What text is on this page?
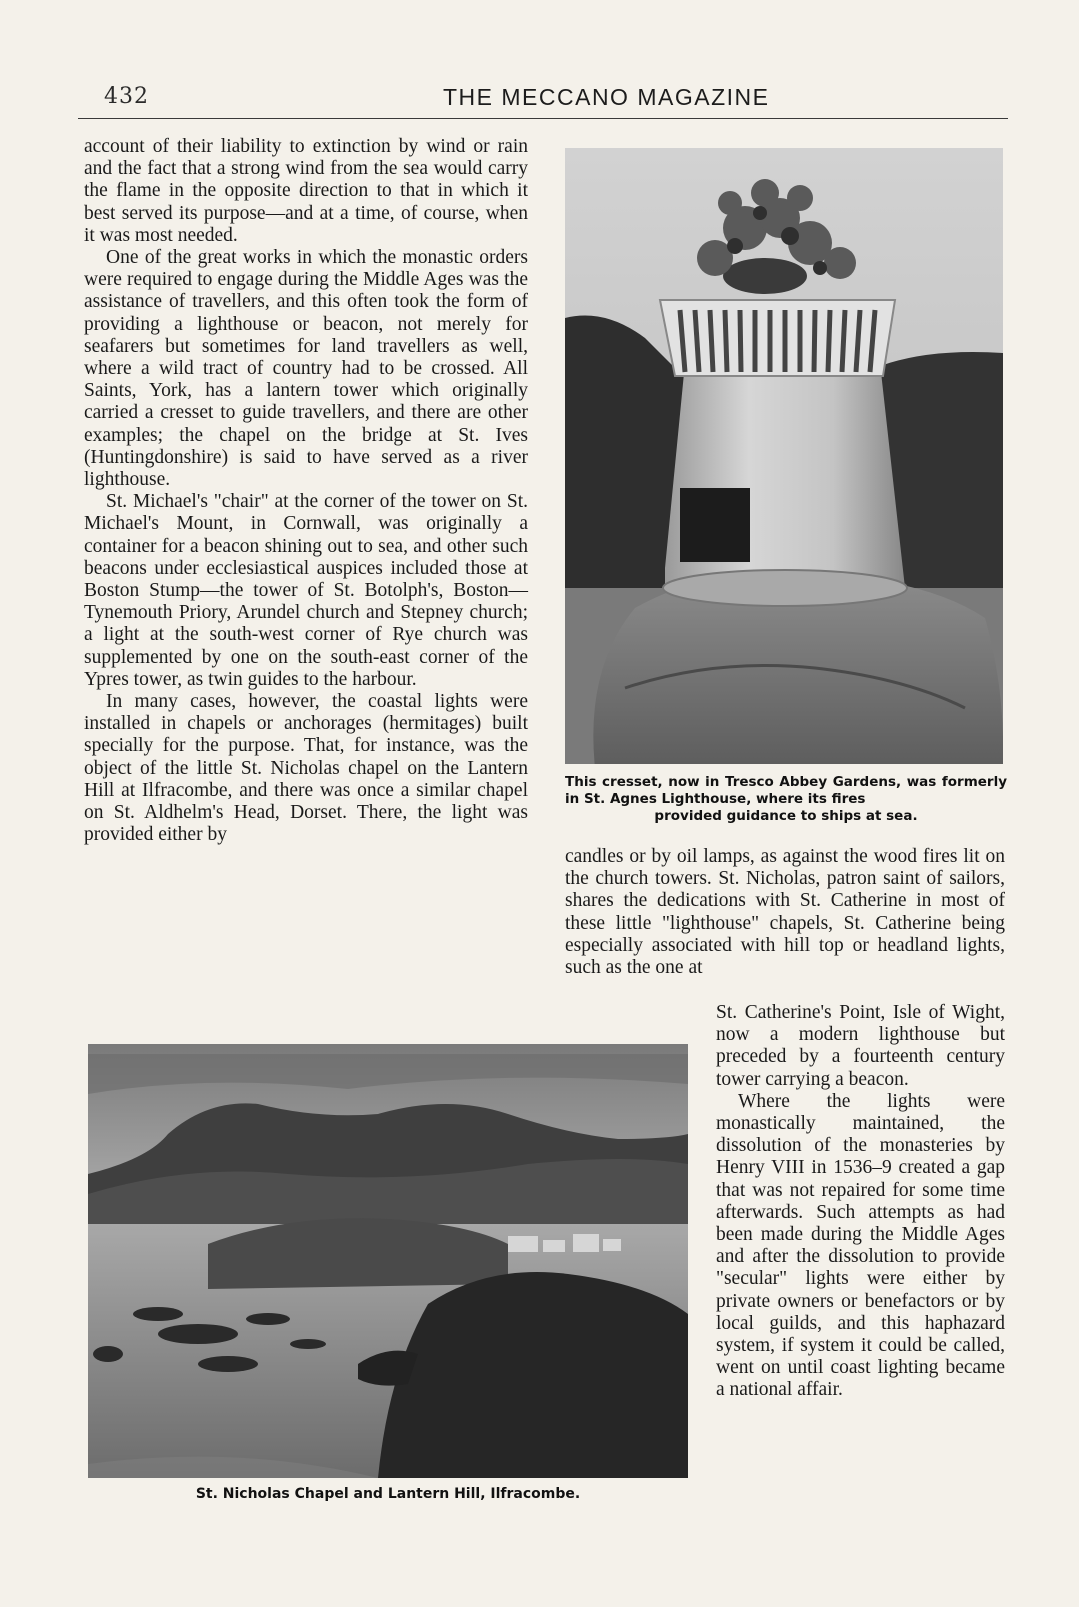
432	THE MECCANO MAGAZINE

account of their liability to extinction by wind or rain and the fact that a strong wind from the sea would carry the flame in the opposite direction to that in which it best served its purpose—and at a time, of course, when it was most needed.

One of the great works in which the monastic orders were required to engage during the Middle Ages was the assistance of travellers, and this often took the form of providing a lighthouse or beacon, not merely for seafarers but sometimes for land travellers as well, where a wild tract of country had to be crossed. All Saints, York, has a lantern tower which originally carried a cresset to guide travellers, and there are other examples; the chapel on the bridge at St. Ives (Huntingdonshire) is said to have served as a river lighthouse.

St. Michael's "chair" at the corner of the tower on St. Michael's Mount, in Cornwall, was originally a container for a beacon shining out to sea, and other such beacons under ecclesiastical auspices included those at Boston Stump—the tower of St. Botolph's, Boston—Tynemouth Priory, Arundel church and Stepney church; a light at the south-west corner of Rye church was supplemented by one on the south-east corner of the Ypres tower, as twin guides to the harbour.

In many cases, however, the coastal lights were installed in chapels or anchorages (hermitages) built specially for the purpose. That, for instance, was the object of the little St. Nicholas chapel on the Lantern Hill at Ilfracombe, and there was once a similar chapel on St. Aldhelm's Head, Dorset. There, the light was provided either by

This cresset, now in Tresco Abbey Gardens, was formerly in St. Agnes Lighthouse, where its fires
provided guidance to ships at sea.

candles or by oil lamps, as against the wood fires lit on the church towers. St. Nicholas, patron saint of sailors, shares the dedications with St. Catherine in most of these little "lighthouse" chapels, St. Catherine being especially associated with hill top or headland lights, such as the one at

St. Nicholas Chapel and Lantern Hill, Ilfracombe.

St. Catherine's Point, Isle of Wight, now a modern lighthouse but preceded by a fourteenth century tower carrying a beacon.

Where the lights were monastically maintained, the dissolution of the monasteries by Henry VIII in 1536–9 created a gap that was not repaired for some time afterwards. Such attempts as had been made during the Middle Ages and after the dissolution to provide "secular" lights were either by private owners or benefactors or by local guilds, and this haphazard system, if system it could be called, went on until coast lighting became a national affair.
